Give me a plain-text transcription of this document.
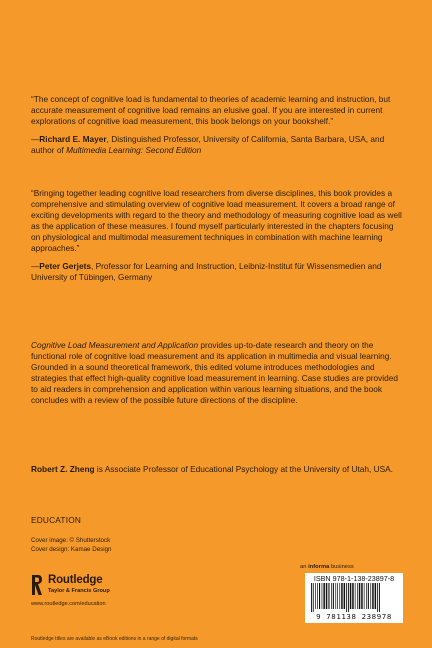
“The concept of cognitive load is fundamental to theories of academic learning and instruction, but accurate measurement of cognitive load remains an elusive goal. If you are interested in current explorations of cognitive load measurement, this book belongs on your bookshelf.”

—Richard E. Mayer, Distinguished Professor, University of California, Santa Barbara, USA, and author of Multimedia Learning: Second Edition

“Bringing together leading cognitive load researchers from diverse disciplines, this book provides a comprehensive and stimulating overview of cognitive load measurement. It covers a broad range of exciting developments with regard to the theory and methodology of measuring cognitive load as well as the application of these measures. I found myself particularly interested in the chapters focusing on physiological and multimodal measurement techniques in combination with machine learning approaches.”

—Peter Gerjets, Professor for Learning and Instruction, Leibniz-Institut für Wissensmedien and University of Tübingen, Germany

Cognitive Load Measurement and Application provides up-to-date research and theory on the functional role of cognitive load measurement and its application in multimedia and visual learning. Grounded in a sound theoretical framework, this edited volume introduces methodologies and strategies that effect high-quality cognitive load measurement in learning. Case studies are provided to aid readers in comprehension and application within various learning situations, and the book concludes with a review of the possible future directions of the discipline.

Robert Z. Zheng is Associate Professor of Educational Psychology at the University of Utah, USA.

EDUCATION
Cover image: © Shutterstock
Cover design: Kamae Design
Routledge
Taylor & Francis Group
www.routledge.com/education
an informa business
ISBN 978-1-138-23897-8
9 781138 238978
Routledge titles are available as eBook editions in a range of digital formats
